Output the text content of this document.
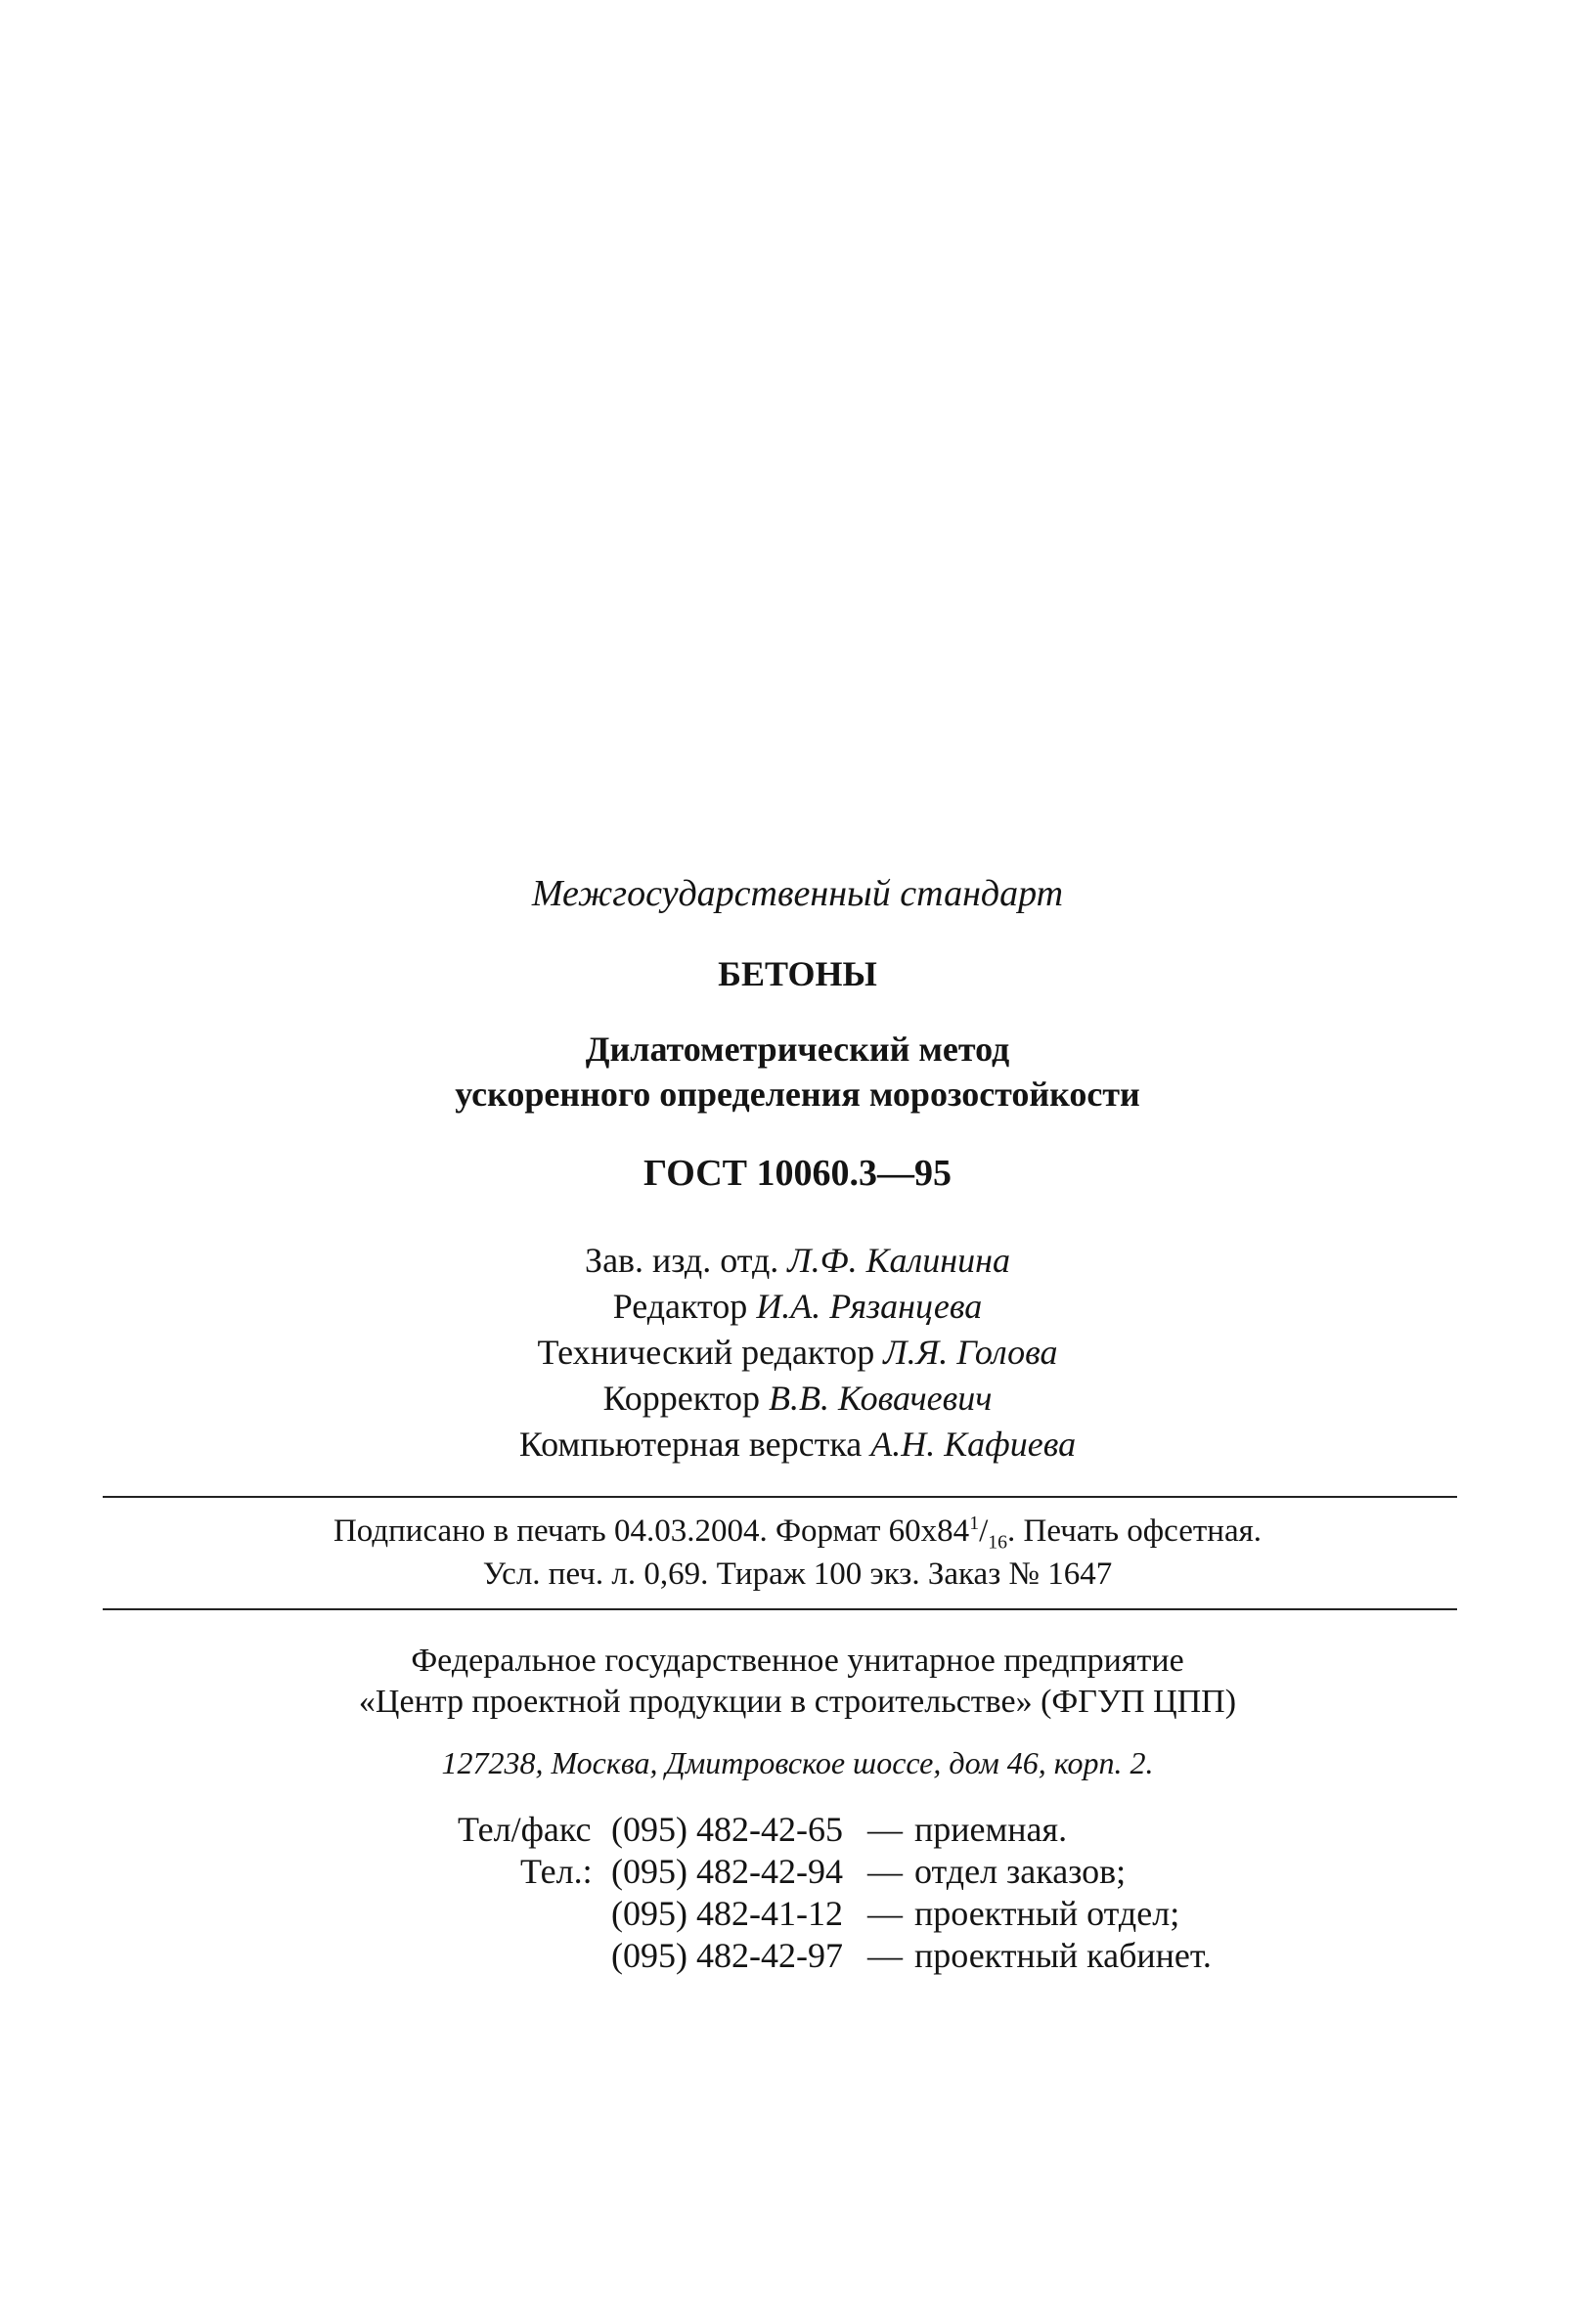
Межгосударственный стандарт
БЕТОНЫ
Дилатометрический метод
ускоренного определения морозостойкости
ГОСТ 10060.3—95
Зав. изд. отд. Л.Ф. Калинина
Редактор И.А. Рязанцева
Технический редактор Л.Я. Голова
Корректор В.В. Ковачевич
Компьютерная верстка А.Н. Кафиева
Подписано в печать 04.03.2004. Формат $60x84^1/_{16}$. Печать офсетная.
Усл. печ. л. 0,69. Тираж 100 экз. Заказ № 1647
Федеральное государственное унитарное предприятие
«Центр проектной продукции в строительстве» (ФГУП ЦПП)
127238, Москва, Дмитровское шоссе, дом 46, корп. 2.
Тел/факс (095) 482-42-65 — приемная.
Тел.: (095) 482-42-94 — отдел заказов;
(095) 482-41-12 — проектный отдел;
(095) 482-42-97 — проектный кабинет.
